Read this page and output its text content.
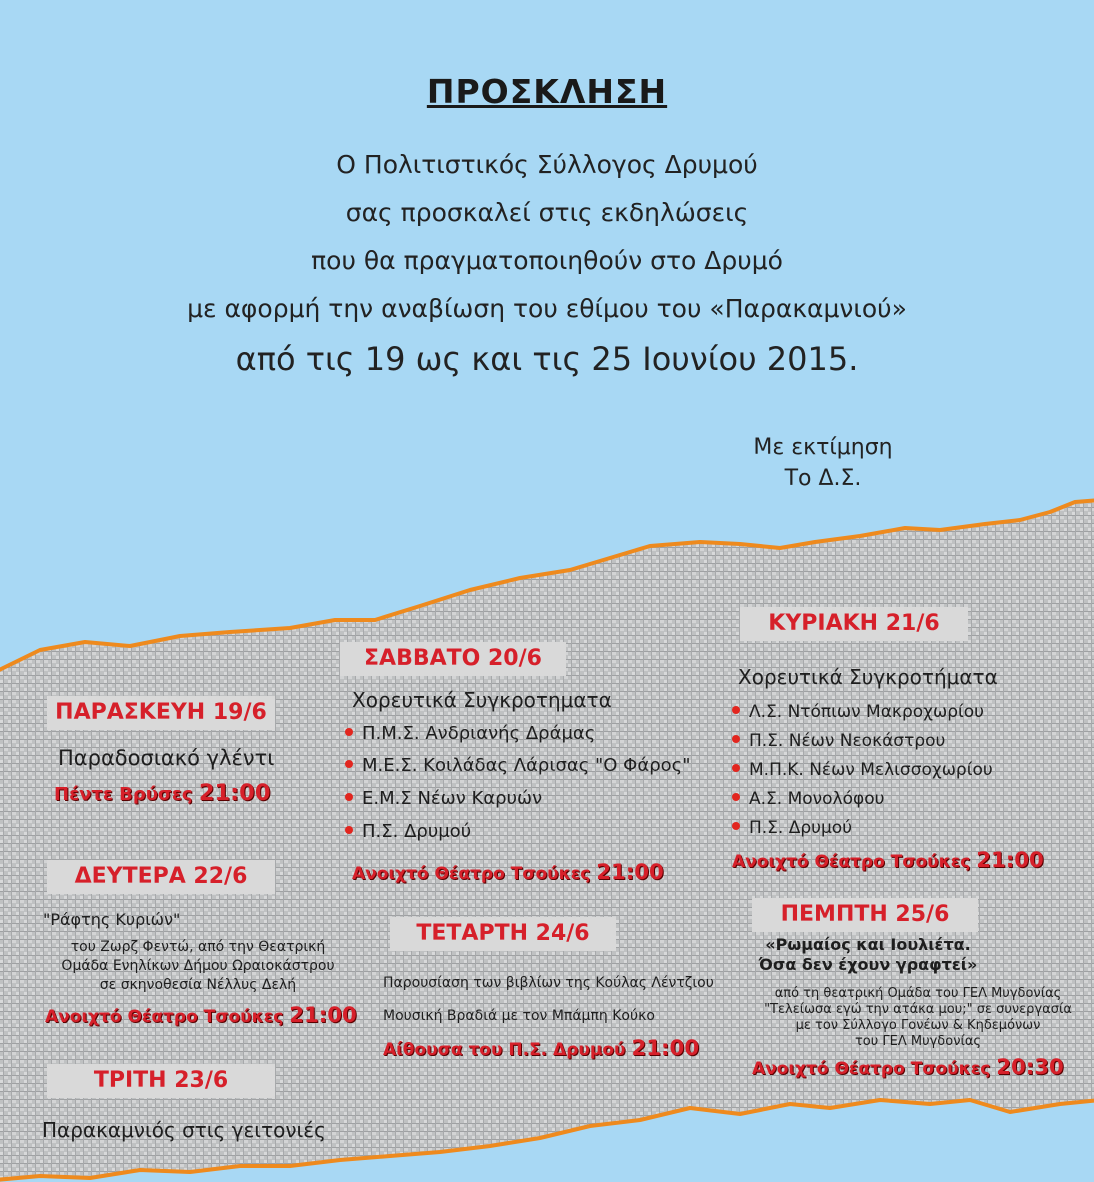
ΠΡΟΣΚΛΗΣΗ
Ο Πολιτιστικός Σύλλογος Δρυμού
σας προσκαλεί στις εκδηλώσεις
που θα πραγματοποιηθούν στο Δρυμό
με αφορμή την αναβίωση του εθίμου του «Παρακαμνιού»
από τις 19 ως και τις 25 Ιουνίου 2015.
Με εκτίμηση
Το Δ.Σ.
ΠΑΡΑΣΚΕΥΗ 19/6
Παραδοσιακό γλέντι
Πέντε Βρύσες 21:00
ΔΕΥΤΕΡΑ 22/6
"Ράφτης Κυριών"
του Ζωρζ Φεντώ, από την Θεατρική
Ομάδα Ενηλίκων Δήμου Ωραιοκάστρου
σε σκηνοθεσία Νέλλυς Δελή
Ανοιχτό Θέατρο Τσούκες 21:00
ΤΡΙΤΗ 23/6
Παρακαμνιός στις γειτονιές
ΣΑΒΒΑΤΟ 20/6
Χορευτικά Συγκροτηματα
Π.Μ.Σ. Ανδριανής Δράμας
Μ.Ε.Σ. Κοιλάδας Λάρισας "Ο Φάρος"
Ε.Μ.Σ Νέων Καρυών
Π.Σ. Δρυμού
Ανοιχτό Θέατρο Τσούκες 21:00
ΤΕΤΑΡΤΗ 24/6
Παρουσίαση των βιβλίων της Κούλας Λέντζιου
Μουσική Βραδιά με τον Μπάμπη Κούκο
Αίθουσα του Π.Σ. Δρυμού 21:00
ΚΥΡΙΑΚΗ 21/6
Χορευτικά Συγκροτήματα
Λ.Σ. Ντόπιων Μακροχωρίου
Π.Σ. Νέων Νεοκάστρου
Μ.Π.Κ. Νέων Μελισσοχωρίου
Α.Σ. Μονολόφου
Π.Σ. Δρυμού
Ανοιχτό Θέατρο Τσούκες 21:00
ΠΕΜΠΤΗ 25/6
«Ρωμαίος και Ιουλιέτα.
Όσα δεν έχουν γραφτεί»
από τη θεατρική Ομάδα του ΓΕΛ Μυγδονίας
"Τελείωσα εγώ την ατάκα μου;" σε συνεργασία
με τον Σύλλογο Γονέων & Κηδεμόνων
του ΓΕΛ Μυγδονίας
Ανοιχτό Θέατρο Τσούκες 20:30
